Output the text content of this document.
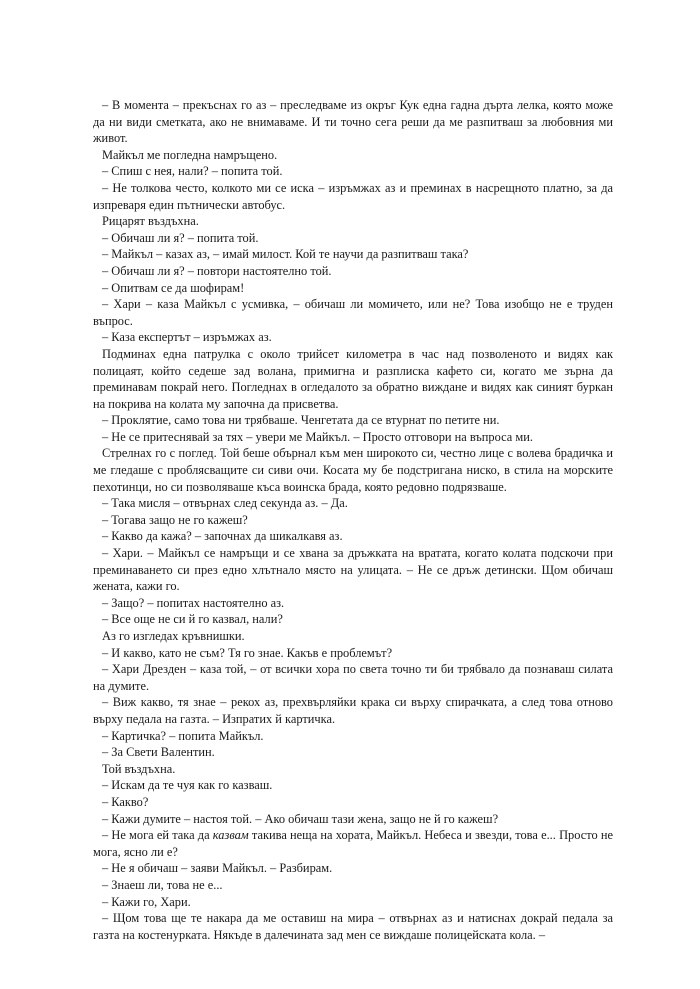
– В момента – прекъснах го аз – преследваме из окръг Кук една гадна дърта лелка, която може да ни види сметката, ако не внимаваме. И ти точно сега реши да ме разпитваш за любовния ми живот.

Майкъл ме погледна намръщено.

– Спиш с нея, нали? – попита той.

– Не толкова често, колкото ми се иска – изръмжах аз и преминах в насрещното платно, за да изпреваря един пътнически автобус.

Рицарят въздъхна.

– Обичаш ли я? – попита той.

– Майкъл – казах аз, – имай милост. Кой те научи да разпитваш така?

– Обичаш ли я? – повтори настоятелно той.

– Опитвам се да шофирам!

– Хари – каза Майкъл с усмивка, – обичаш ли момичето, или не? Това изобщо не е труден въпрос.

– Каза експертът – изръмжах аз.

Подминах една патрулка с около трийсет километра в час над позволеното и видях как полицаят, който седеше зад волана, примигна и разплиска кафето си, когато ме зърна да преминавам покрай него. Погледнах в огледалото за обратно виждане и видях как синият буркан на покрива на колата му започна да присветва.

– Проклятие, само това ни трябваше. Ченгетата да се втурнат по петите ни.

– Не се притеснявай за тях – увери ме Майкъл. – Просто отговори на въпроса ми.

Стрелнах го с поглед. Той беше обърнал към мен широкото си, честно лице с волева брадичка и ме гледаше с проблясващите си сиви очи. Косата му бе подстригана ниско, в стила на морските пехотинци, но си позволяваше къса воинска брада, която редовно подрязваше.

– Така мисля – отвърнах след секунда аз. – Да.

– Тогава защо не го кажеш?

– Какво да кажа? – започнах да шикалкавя аз.

– Хари. – Майкъл се намръщи и се хвана за дръжката на вратата, когато колата подскочи при преминаването си през едно хлътнало място на улицата. – Не се дръж детински. Щом обичаш жената, кажи го.

– Защо? – попитах настоятелно аз.

– Все още не си й го казвал, нали?

Аз го изгледах кръвнишки.

– И какво, като не съм? Тя го знае. Какъв е проблемът?

– Хари Дрезден – каза той, – от всички хора по света точно ти би трябвало да познаваш силата на думите.

– Виж какво, тя знае – рекох аз, прехвърляйки крака си върху спирачката, а след това отново върху педала на газта. – Изпратих й картичка.

– Картичка? – попита Майкъл.

– За Свети Валентин.

Той въздъхна.

– Искам да те чуя как го казваш.

– Какво?

– Кажи думите – настоя той. – Ако обичаш тази жена, защо не й го кажеш?

– Не мога ей така да казвам такива неща на хората, Майкъл. Небеса и звезди, това е... Просто не мога, ясно ли е?

– Не я обичаш – заяви Майкъл. – Разбирам.

– Знаеш ли, това не е...

– Кажи го, Хари.

– Щом това ще те накара да ме оставиш на мира – отвърнах аз и натиснах докрай педала за газта на костенурката. Някъде в далечината зад мен се виждаше полицейската кола. –
